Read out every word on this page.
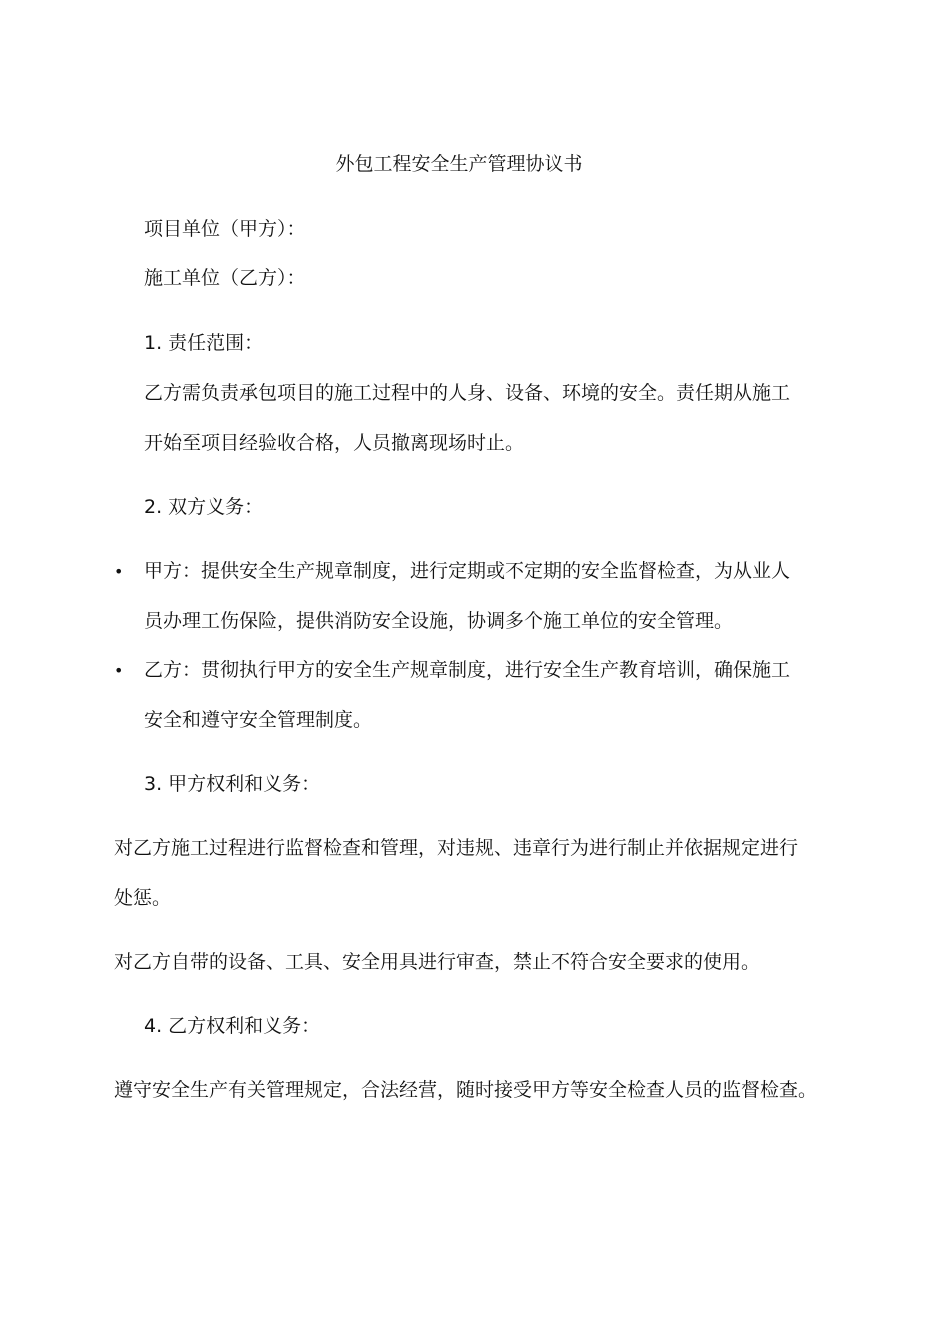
外包工程安全生产管理协议书
项目单位（甲方）：
施工单位（乙方）：
1. 责任范围：
乙方需负责承包项目的施工过程中的人身、设备、环境的安全。责任期从施工
开始至项目经验收合格，人员撤离现场时止。
2. 双方义务：
• 甲方：提供安全生产规章制度，进行定期或不定期的安全监督检查，为从业人
员办理工伤保险，提供消防安全设施，协调多个施工单位的安全管理。
• 乙方：贯彻执行甲方的安全生产规章制度，进行安全生产教育培训，确保施工
安全和遵守安全管理制度。
3. 甲方权利和义务：
对乙方施工过程进行监督检查和管理，对违规、违章行为进行制止并依据规定进行
处惩。
对乙方自带的设备、工具、安全用具进行审查，禁止不符合安全要求的使用。
4. 乙方权利和义务：
遵守安全生产有关管理规定，合法经营，随时接受甲方等安全检查人员的监督检查。
